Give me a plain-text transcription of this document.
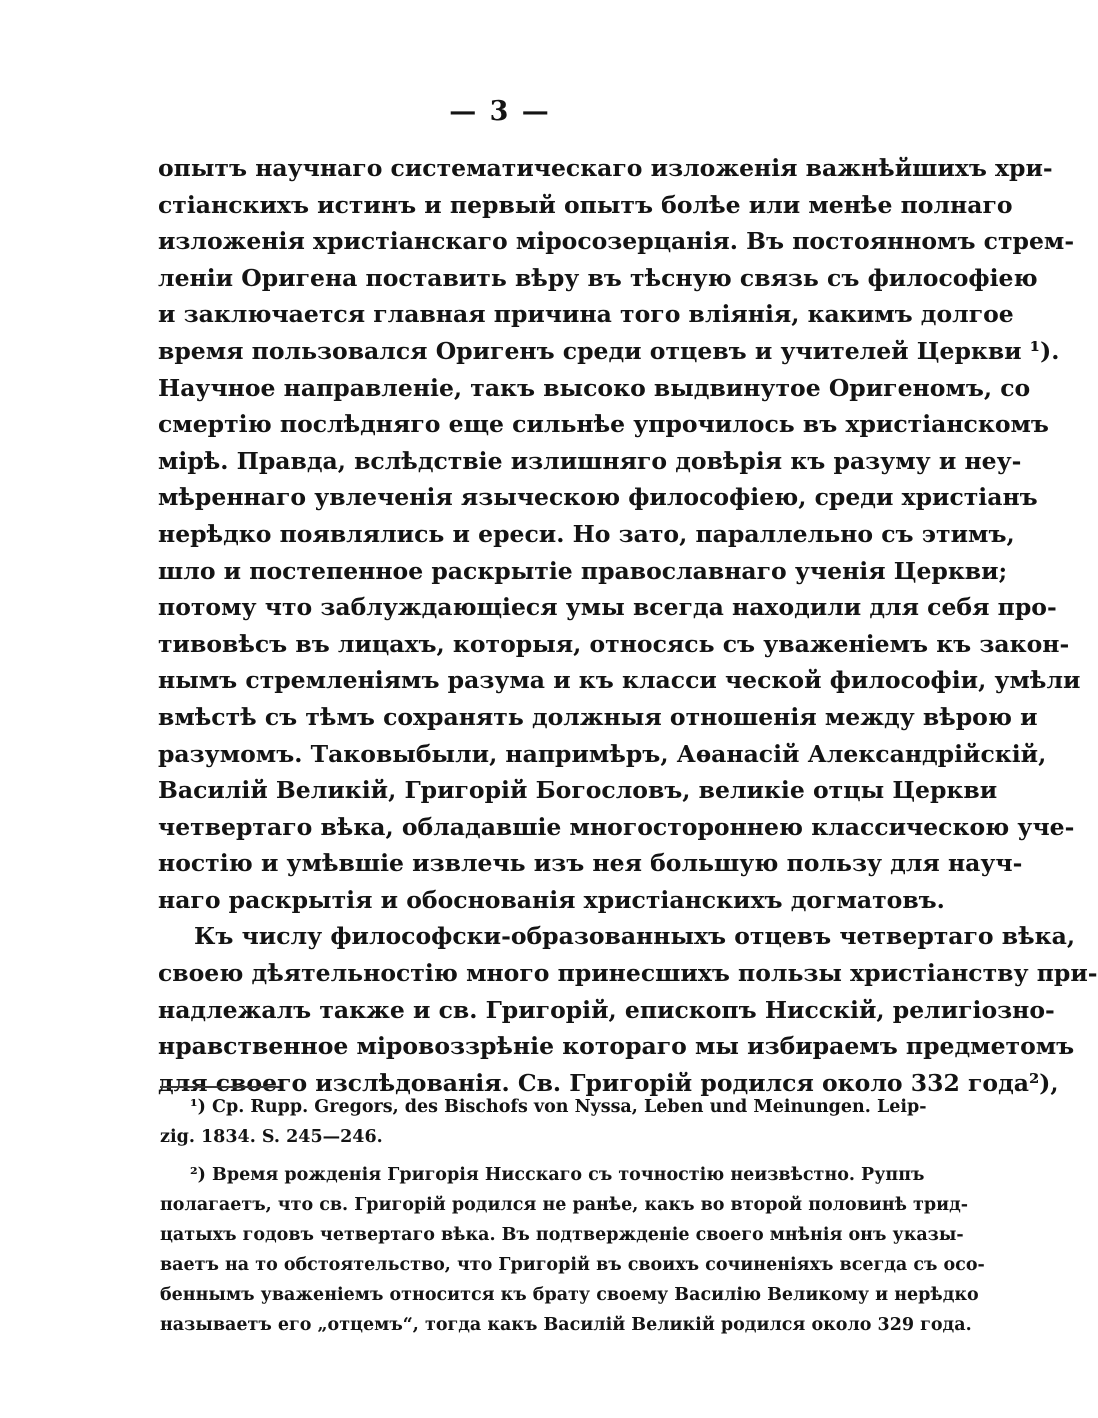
— 3 —
опытъ научнаго систематическаго изложенія важнѣйшихъ хри-
стіанскихъ истинъ и первый опытъ болѣе или менѣе полнаго
изложенія христіанскаго міросозерцанія. Въ постоянномъ стрем-
леніи Оригена поставить вѣру въ тѣсную связь съ философіею
и заключается главная причина того вліянія, какимъ долгое
время пользовался Оригенъ среди отцевъ и учителей Церкви ¹).
Научное направленіе, такъ высоко выдвинутое Оригеномъ, со
смертію послѣдняго еще сильнѣе упрочилось въ христіанскомъ
мірѣ. Правда, вслѣдствіе излишняго довѣрія къ разуму и неу-
мѣреннаго увлеченія языческою философіею, среди христіанъ
нерѣдко появлялись и ереси. Но зато, параллельно съ этимъ,
шло и постепенное раскрытіе православнаго ученія Церкви;
потому что заблуждающіеся умы всегда находили для себя про-
тивовѣсъ въ лицахъ, которыя, относясь съ уваженіемъ къ закон-
нымъ стремленіямъ разума и къ класси ческой философіи, умѣли
вмѣстѣ съ тѣмъ сохранять должныя отношенія между вѣрою и
разумомъ. Таковыбыли, напримѣръ, Аѳанасій Александрійскій,
Василій Великій, Григорій Богословъ, великіе отцы Церкви
четвертаго вѣка, обладавшіе многостороннею классическою уче-
ностію и умѣвшіе извлечь изъ нея большую пользу для науч-
наго раскрытія и обоснованія христіанскихъ догматовъ.
Къ числу философски-образованныхъ отцевъ четвертаго вѣка,
своею дѣятельностію много принесшихъ пользы христіанству при-
надлежалъ также и св. Григорій, епископъ Нисскій, религіозно-
нравственное міровоззрѣніе котораго мы избираемъ предметомъ
для своего изслѣдованія. Св. Григорій родился около 332 года²),
¹) Cp. Rupp. Gregors, des Bischofs von Nyssa, Leben und Meinungen. Leip-
zig. 1834. S. 245—246.
²) Время рожденія Григорія Нисскаго съ точностію неизвѣстно. Руппъ
полагаетъ, что св. Григорій родился не ранѣе, какъ во второй половинѣ трид-
цатыхъ годовъ четвертаго вѣка. Въ подтвержденіе своего мнѣнія онъ указы-
ваетъ на то обстоятельство, что Григорій въ своихъ сочиненіяхъ всегда съ осо-
беннымъ уваженіемъ относится къ брату своему Василію Великому и нерѣдко
называетъ его „отцемъ“, тогда какъ Василій Великій родился около 329 года.
